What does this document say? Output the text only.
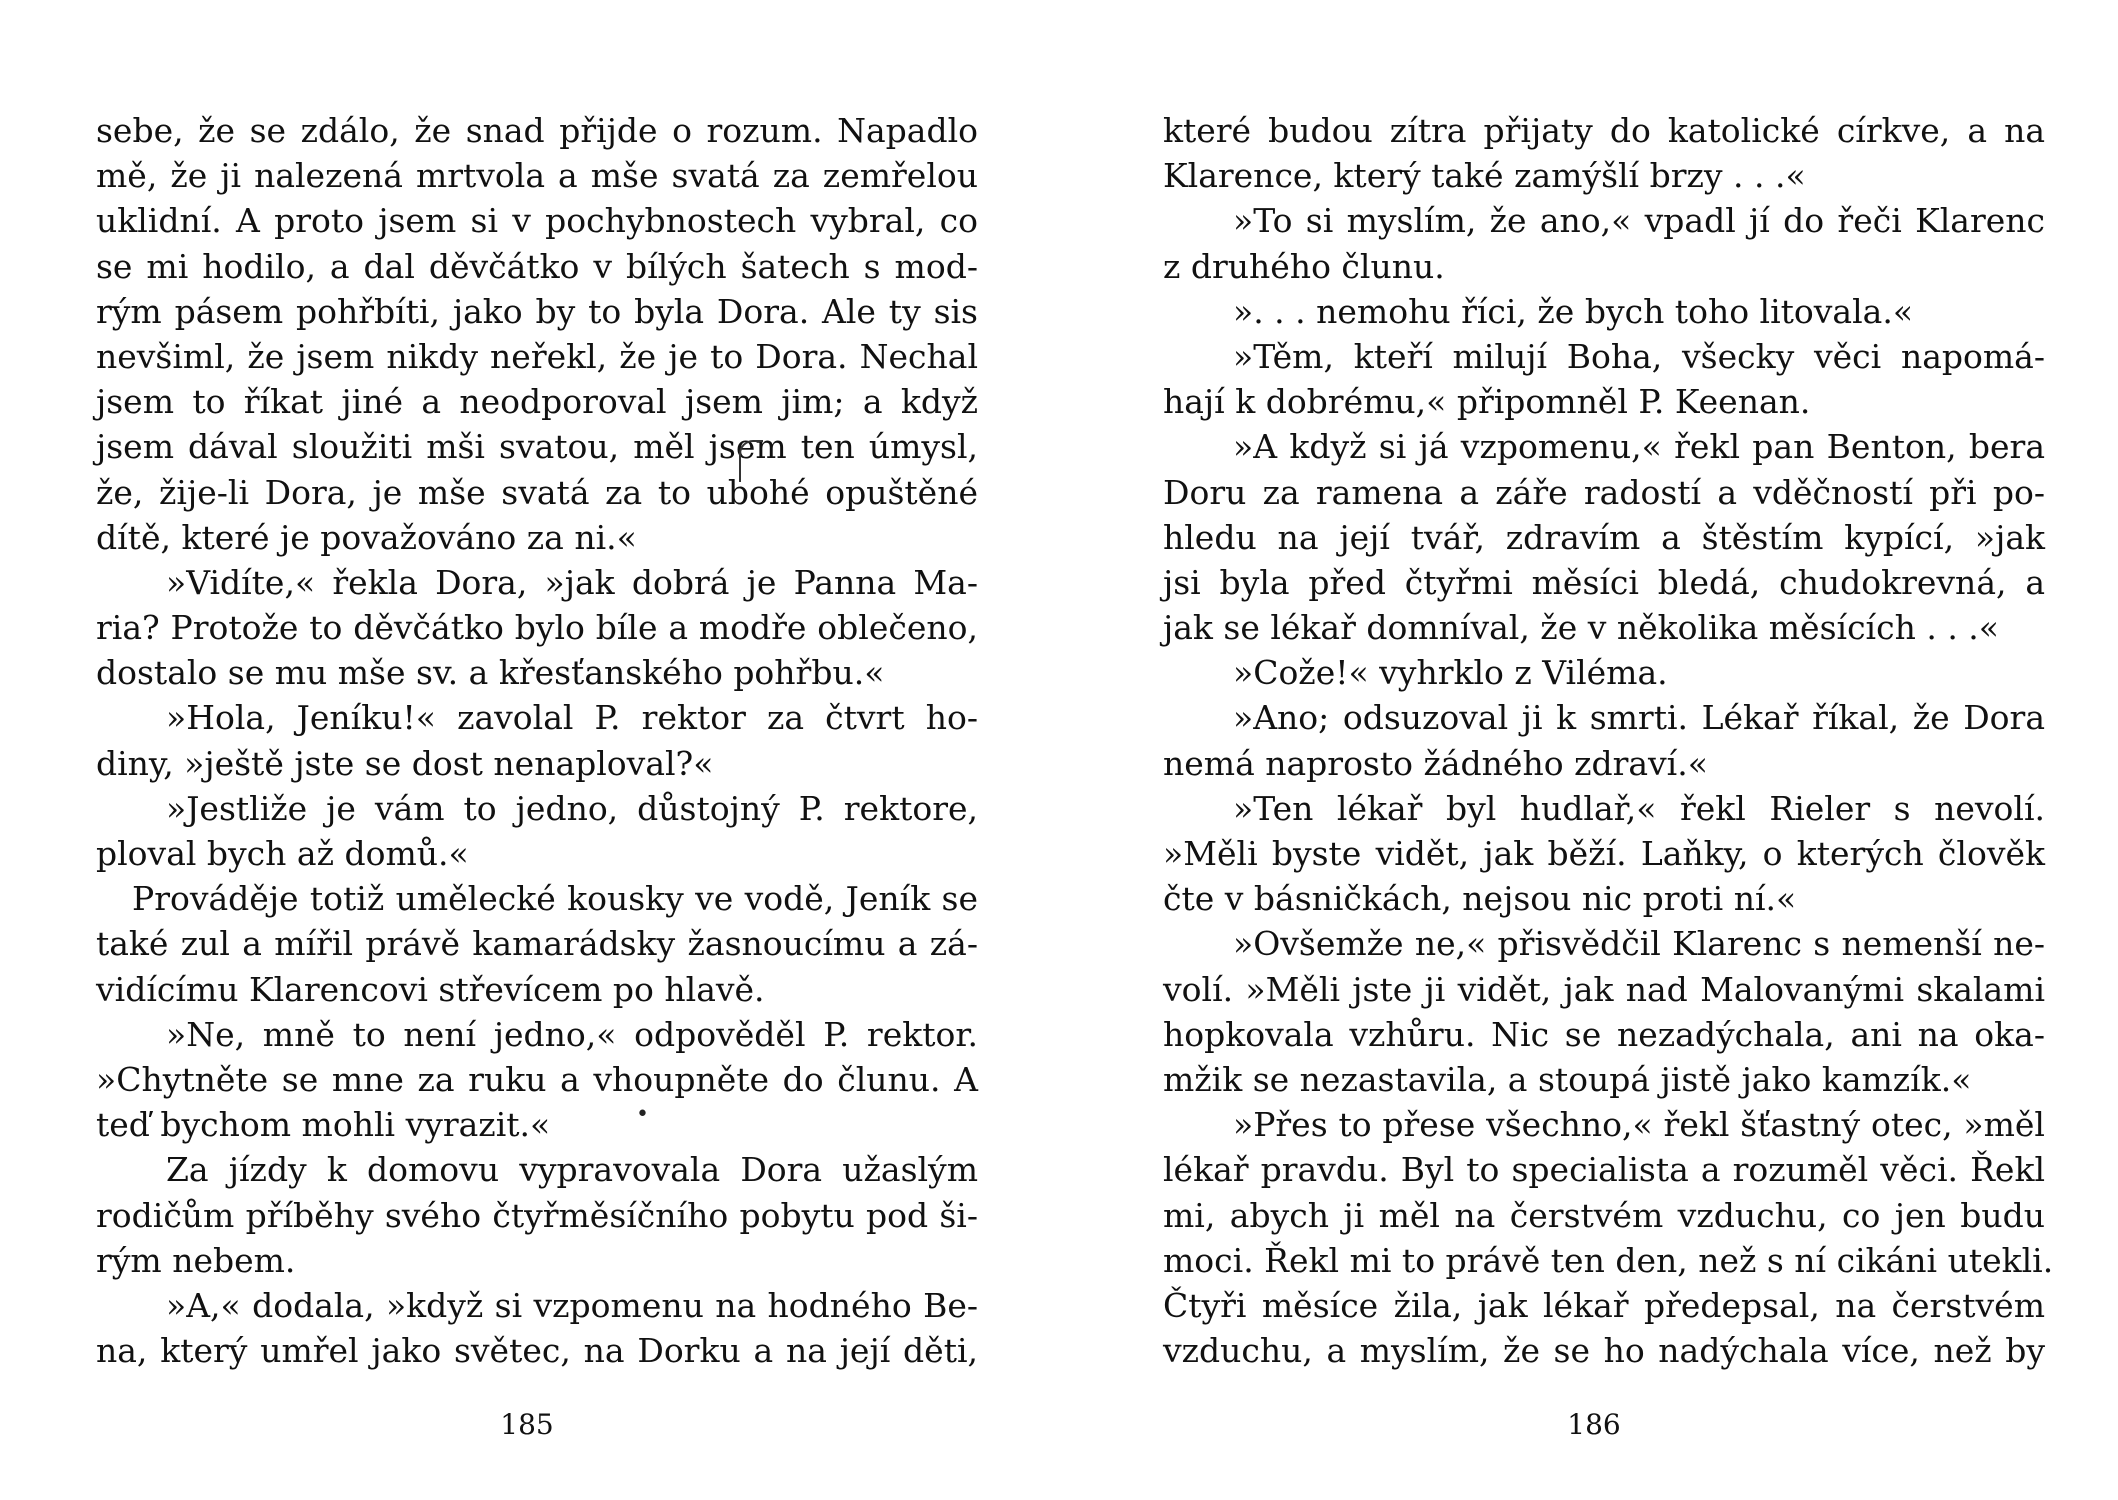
sebe, že se zdálo, že snad přijde o rozum. Napadlo
mě, že ji nalezená mrtvola a mše svatá za zemřelou
uklidní. A proto jsem si v pochybnostech vybral, co
se mi hodilo, a dal děvčátko v bílých šatech s mod-
rým pásem pohřbíti, jako by to byla Dora. Ale ty sis
nevšiml, že jsem nikdy neřekl, že je to Dora. Nechal
jsem to říkat jiné a neodporoval jsem jim; a když
jsem dával sloužiti mši svatou, měl jsem ten úmysl,
že, žije-li Dora, je mše svatá za to ubohé opuštěné
dítě, které je považováno za ni.«
»Vidíte,« řekla Dora, »jak dobrá je Panna Ma-
ria? Protože to děvčátko bylo bíle a modře oblečeno,
dostalo se mu mše sv. a křesťanského pohřbu.«
»Hola, Jeníku!« zavolal P. rektor za čtvrt ho-
diny, »ještě jste se dost nenaploval?«
»Jestliže je vám to jedno, důstojný P. rektore,
ploval bych až domů.«
Prováděje totiž umělecké kousky ve vodě, Jeník se
také zul a mířil právě kamarádsky žasnoucímu a zá-
vidícímu Klarencovi střevícem po hlavě.
»Ne, mně to není jedno,« odpověděl P. rektor.
»Chytněte se mne za ruku a vhoupněte do člunu. A
teď bychom mohli vyrazit.«
Za jízdy k domovu vypravovala Dora užaslým
rodičům příběhy svého čtyřměsíčního pobytu pod ši-
rým nebem.
»A,« dodala, »když si vzpomenu na hodného Be-
na, který umřel jako světec, na Dorku a na její děti,
které budou zítra přijaty do katolické církve, a na
Klarence, který také zamýšlí brzy . . .«
»To si myslím, že ano,« vpadl jí do řeči Klarenc
z druhého člunu.
». . . nemohu říci, že bych toho litovala.«
»Těm, kteří milují Boha, všecky věci napomá-
hají k dobrému,« připomněl P. Keenan.
»A když si já vzpomenu,« řekl pan Benton, bera
Doru za ramena a záře radostí a vděčností při po-
hledu na její tvář, zdravím a štěstím kypící, »jak
jsi byla před čtyřmi měsíci bledá, chudokrevná, a
jak se lékař domníval, že v několika měsících . . .«
»Cože!« vyhrklo z Viléma.
»Ano; odsuzoval ji k smrti. Lékař říkal, že Dora
nemá naprosto žádného zdraví.«
»Ten lékař byl hudlař,« řekl Rieler s nevolí.
»Měli byste vidět, jak běží. Laňky, o kterých člověk
čte v básničkách, nejsou nic proti ní.«
»Ovšemže ne,« přisvědčil Klarenc s nemenší ne-
volí. »Měli jste ji vidět, jak nad Malovanými skalami
hopkovala vzhůru. Nic se nezadýchala, ani na oka-
mžik se nezastavila, a stoupá jistě jako kamzík.«
»Přes to přese všechno,« řekl šťastný otec, »měl
lékař pravdu. Byl to specialista a rozuměl věci. Řekl
mi, abych ji měl na čerstvém vzduchu, co jen budu
moci. Řekl mi to právě ten den, než s ní cikáni utekli.
Čtyři měsíce žila, jak lékař předepsal, na čerstvém
vzduchu, a myslím, že se ho nadýchala více, než by
•
185	186
